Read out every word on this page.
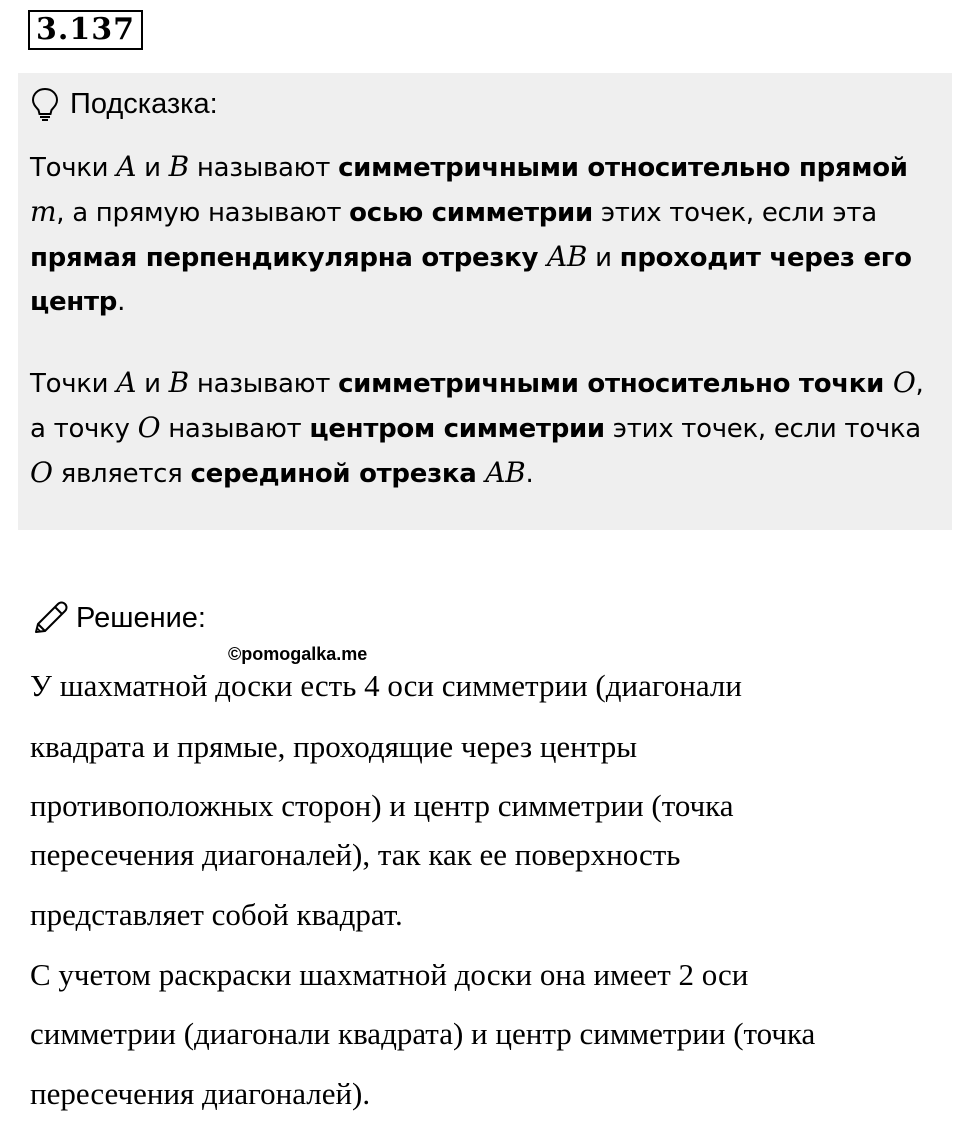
3.137
Подсказка:

Точки A и B называют симметричными относительно прямой m, а прямую называют осью симметрии этих точек, если эта прямая перпендикулярна отрезку AB и проходит через его центр.

Точки A и B называют симметричными относительно точки O, а точку O называют центром симметрии этих точек, если точка O является серединой отрезка AB.

Решение:
©pomogalka.me
У шахматной доски есть 4 оси симметрии (диагонали
квадрата и прямые, проходящие через центры
противоположных сторон) и центр симметрии (точка
пересечения диагоналей), так как ее поверхность
представляет собой квадрат.
С учетом раскраски шахматной доски она имеет 2 оси
симметрии (диагонали квадрата) и центр симметрии (точка
пересечения диагоналей).
